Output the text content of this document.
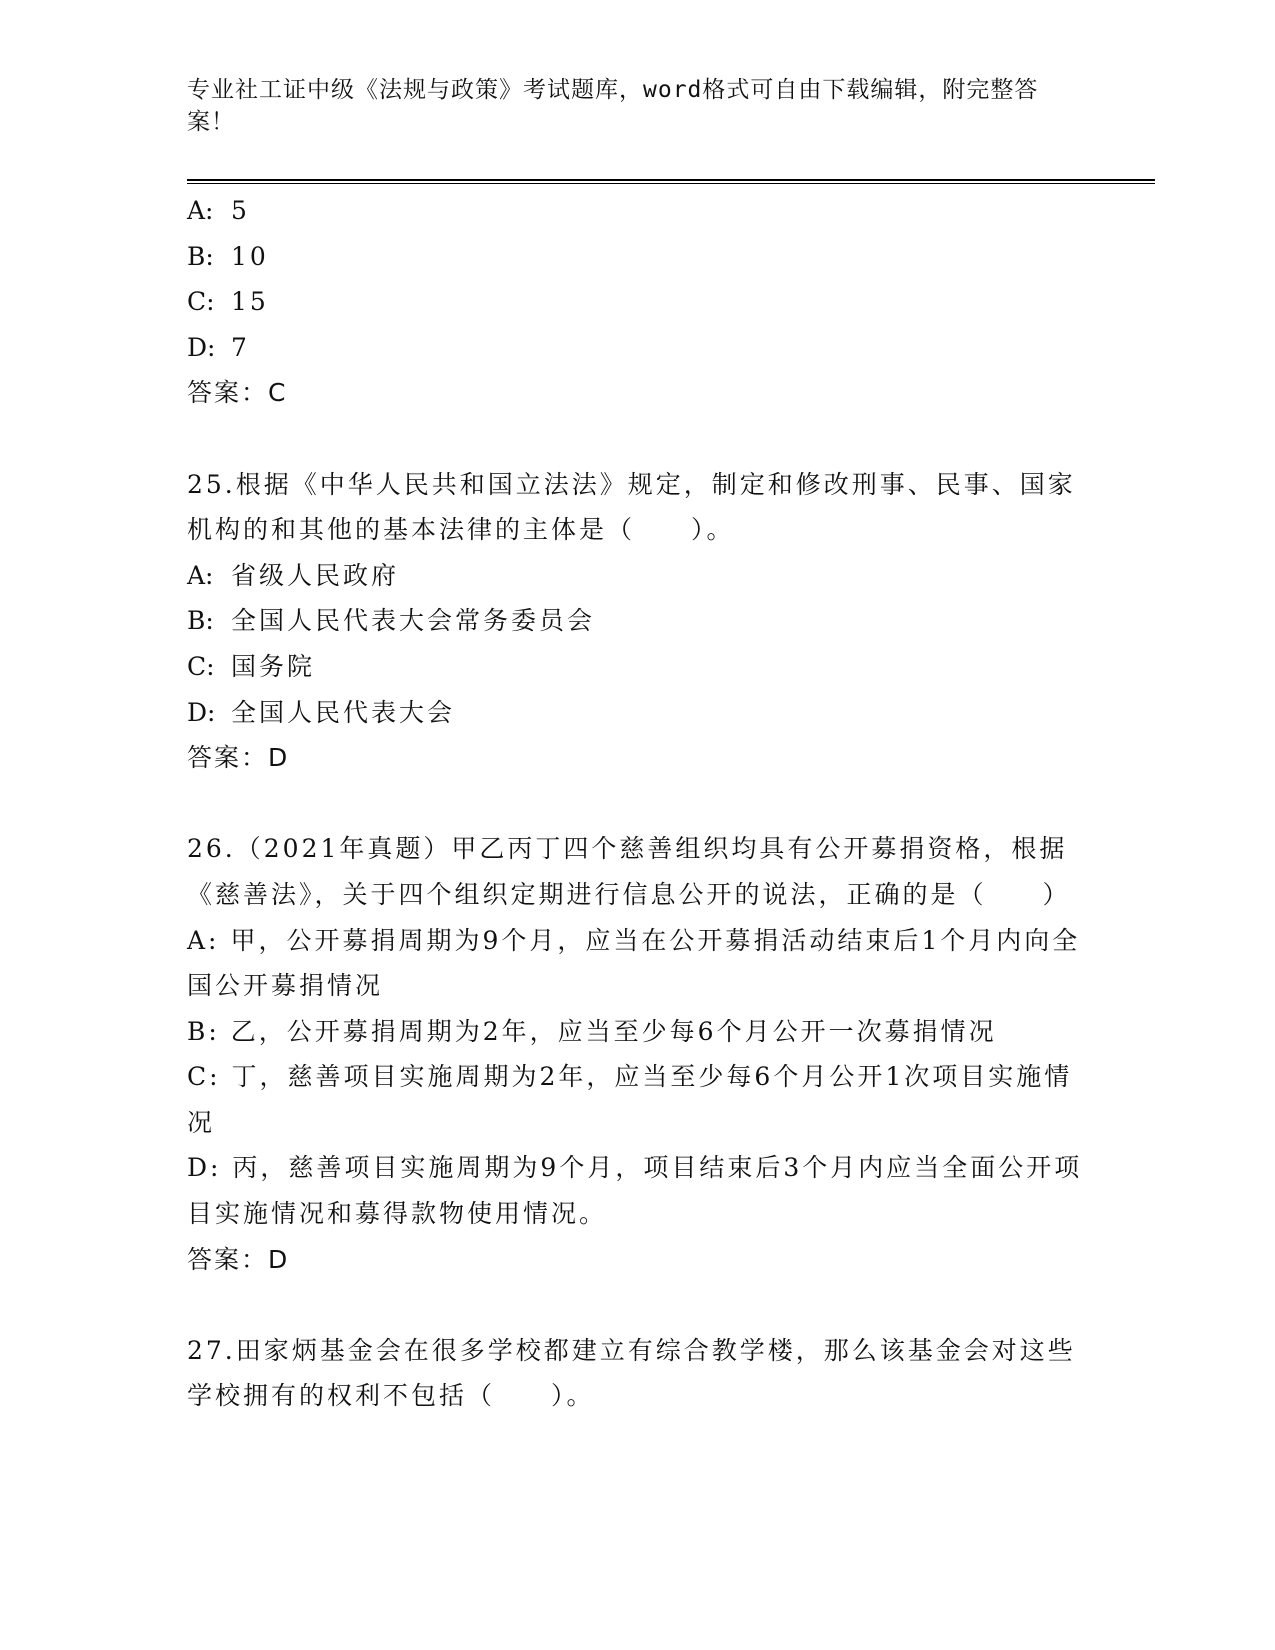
专业社工证中级《法规与政策》考试题库，word格式可自由下载编辑，附完整答案！
A: 5
B: 10
C: 15
D: 7
答案：C
25.根据《中华人民共和国立法法》规定，制定和修改刑事、民事、国家机构的和其他的基本法律的主体是（　　）。
A: 省级人民政府
B: 全国人民代表大会常务委员会
C: 国务院
D: 全国人民代表大会
答案：D
26.（2021年真题）甲乙丙丁四个慈善组织均具有公开募捐资格，根据《慈善法》，关于四个组织定期进行信息公开的说法，正确的是（　　）
A: 甲，公开募捐周期为9个月，应当在公开募捐活动结束后1个月内向全国公开募捐情况
B: 乙，公开募捐周期为2年，应当至少每6个月公开一次募捐情况
C: 丁，慈善项目实施周期为2年，应当至少每6个月公开1次项目实施情况
D: 丙，慈善项目实施周期为9个月，项目结束后3个月内应当全面公开项目实施情况和募得款物使用情况。
答案：D
27.田家炳基金会在很多学校都建立有综合教学楼，那么该基金会对这些学校拥有的权利不包括（　　）。
